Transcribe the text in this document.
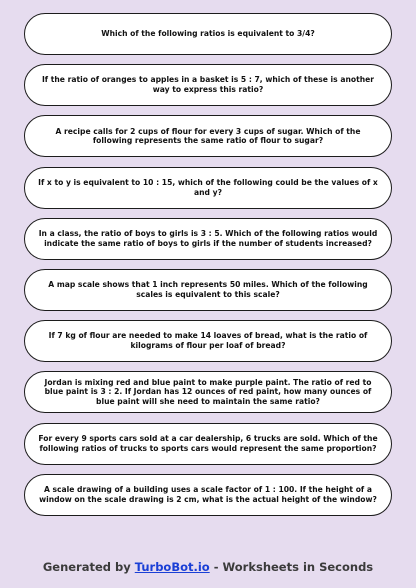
Which of the following ratios is equivalent to 3/4?
If the ratio of oranges to apples in a basket is 5 : 7, which of these is another way to express this ratio?
A recipe calls for 2 cups of flour for every 3 cups of sugar. Which of the following represents the same ratio of flour to sugar?
If x to y is equivalent to 10 : 15, which of the following could be the values of x and y?
In a class, the ratio of boys to girls is 3 : 5. Which of the following ratios would indicate the same ratio of boys to girls if the number of students increased?
A map scale shows that 1 inch represents 50 miles. Which of the following scales is equivalent to this scale?
If 7 kg of flour are needed to make 14 loaves of bread, what is the ratio of kilograms of flour per loaf of bread?
Jordan is mixing red and blue paint to make purple paint. The ratio of red to blue paint is 3 : 2. If Jordan has 12 ounces of red paint, how many ounces of blue paint will she need to maintain the same ratio?
For every 9 sports cars sold at a car dealership, 6 trucks are sold. Which of the following ratios of trucks to sports cars would represent the same proportion?
A scale drawing of a building uses a scale factor of 1 : 100. If the height of a window on the scale drawing is 2 cm, what is the actual height of the window?
Generated by TurboBot.io - Worksheets in Seconds
